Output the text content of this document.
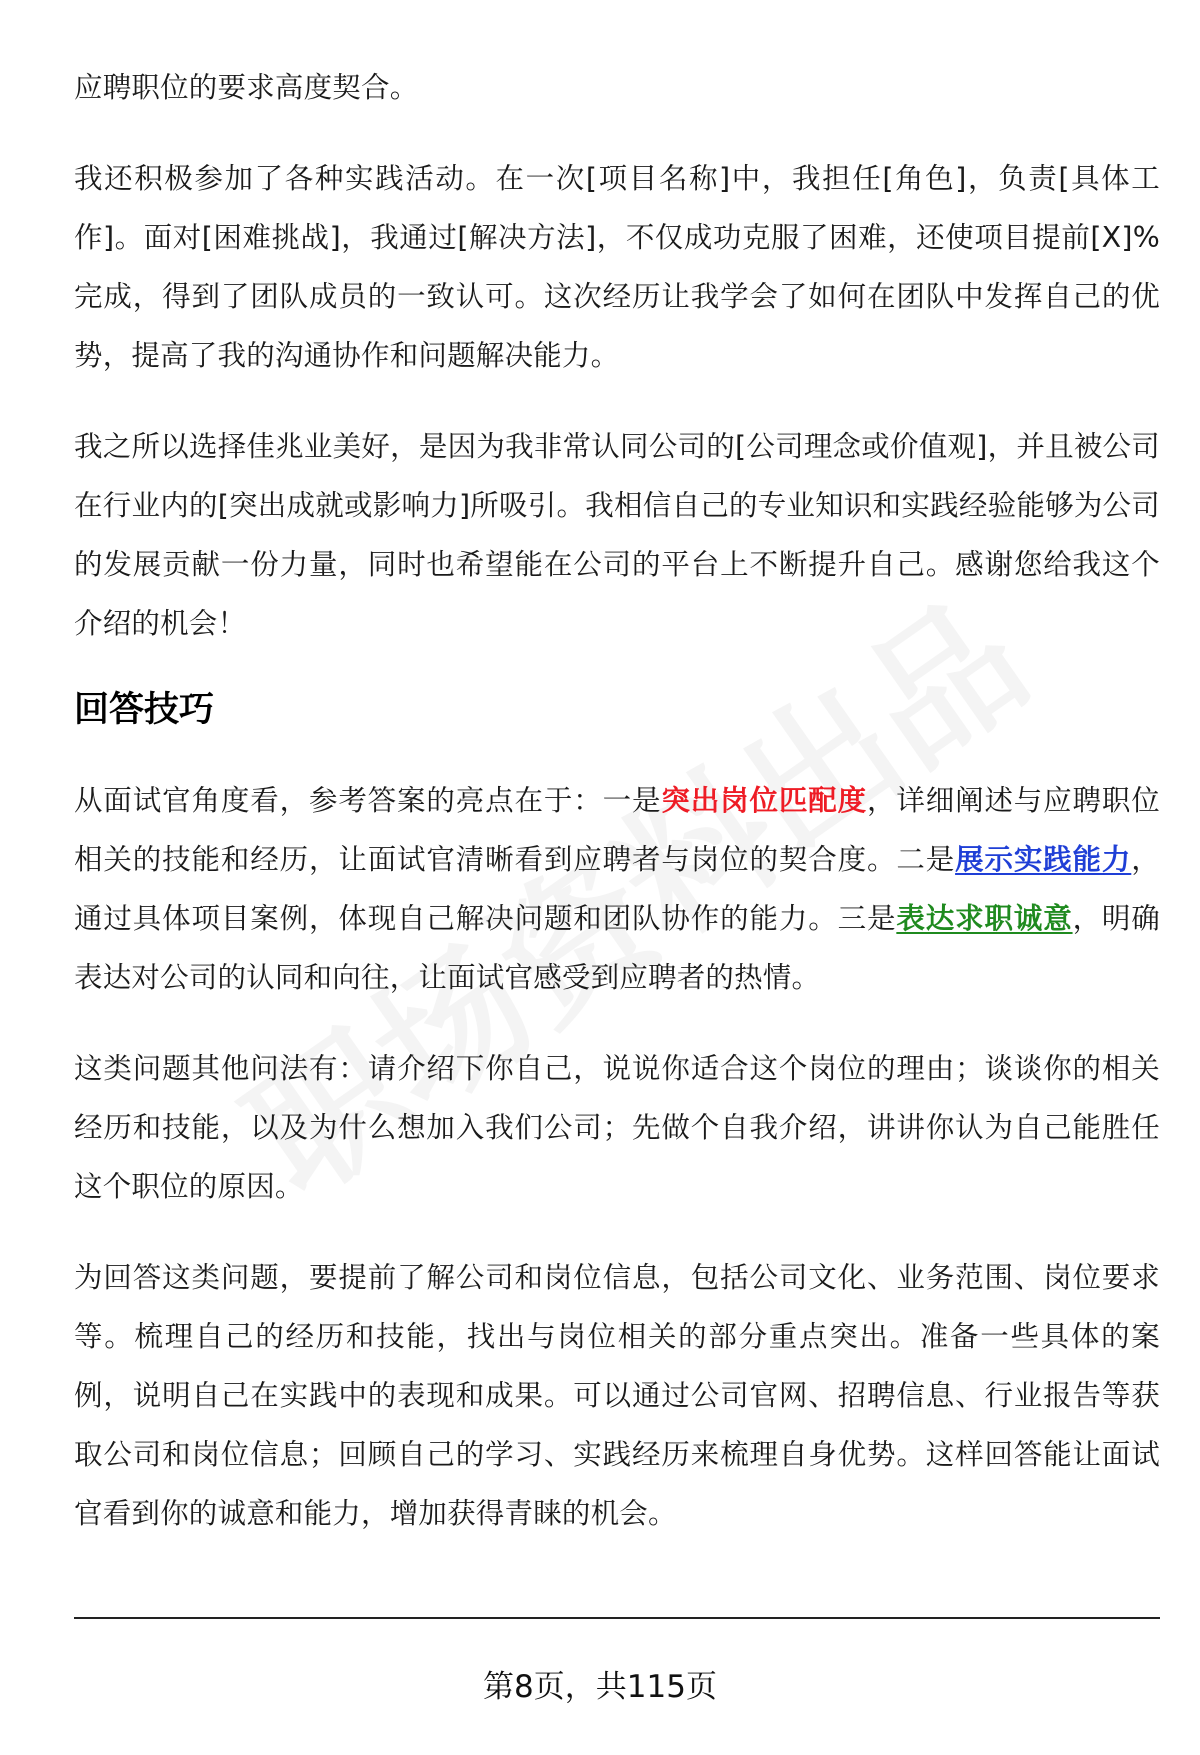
应聘职位的要求高度契合。

我还积极参加了各种实践活动。在一次[项目名称]中，我担任[角色]，负责[具体工作]。面对[困难挑战]，我通过[解决方法]，不仅成功克服了困难，还使项目提前[X]%完成，得到了团队成员的一致认可。这次经历让我学会了如何在团队中发挥自己的优势，提高了我的沟通协作和问题解决能力。

我之所以选择佳兆业美好，是因为我非常认同公司的[公司理念或价值观]，并且被公司在行业内的[突出成就或影响力]所吸引。我相信自己的专业知识和实践经验能够为公司的发展贡献一份力量，同时也希望能在公司的平台上不断提升自己。感谢您给我这个介绍的机会！

回答技巧

从面试官角度看，参考答案的亮点在于：一是突出岗位匹配度，详细阐述与应聘职位相关的技能和经历，让面试官清晰看到应聘者与岗位的契合度。二是展示实践能力，通过具体项目案例，体现自己解决问题和团队协作的能力。三是表达求职诚意，明确表达对公司的认同和向往，让面试官感受到应聘者的热情。

这类问题其他问法有：请介绍下你自己，说说你适合这个岗位的理由；谈谈你的相关经历和技能，以及为什么想加入我们公司；先做个自我介绍，讲讲你认为自己能胜任这个职位的原因。

为回答这类问题，要提前了解公司和岗位信息，包括公司文化、业务范围、岗位要求等。梳理自己的经历和技能，找出与岗位相关的部分重点突出。准备一些具体的案例，说明自己在实践中的表现和成果。可以通过公司官网、招聘信息、行业报告等获取公司和岗位信息；回顾自己的学习、实践经历来梳理自身优势。这样回答能让面试官看到你的诚意和能力，增加获得青睐的机会。

第8页，共115页
